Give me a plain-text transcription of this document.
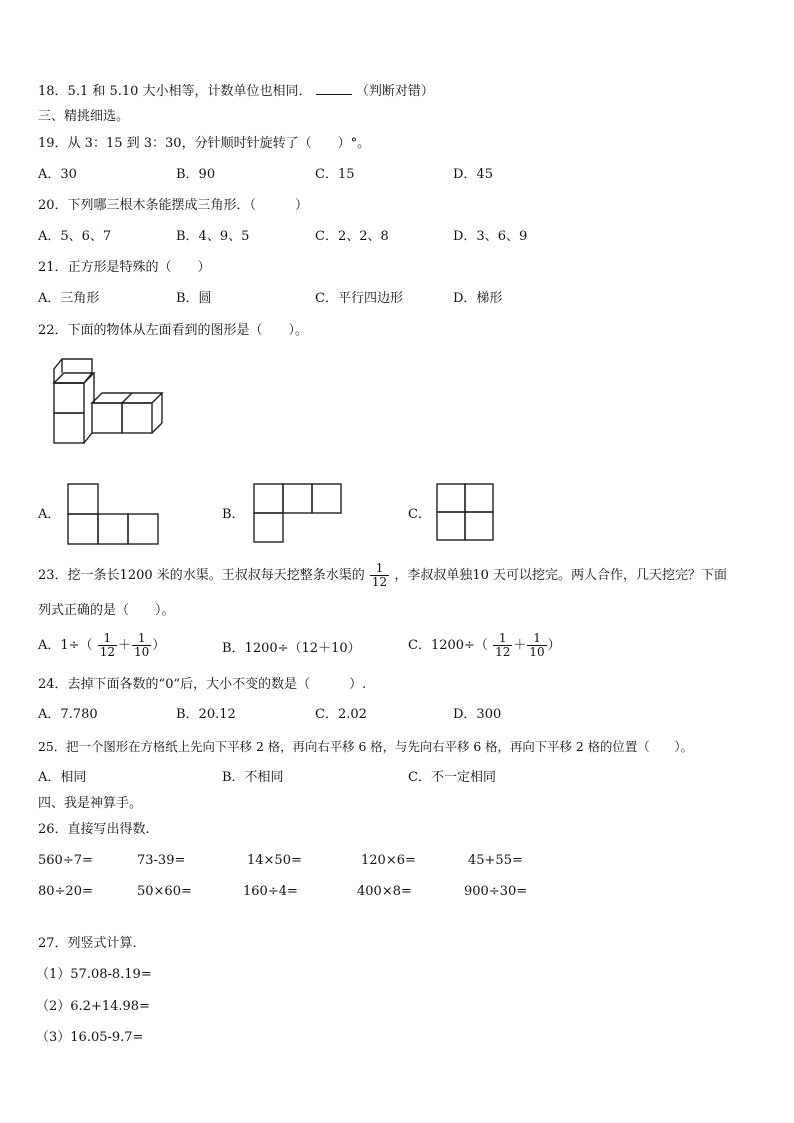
18．5.1 和 5.10 大小相等，计数单位也相同．	（判断对错）
三、精挑细选。
19．从 3：15 到 3：30，分针顺时针旋转了（　　）°。
A．30	B．90	C．15	D．45
20．下列哪三根木条能摆成三角形．（　　　）
A．5、6、7	B．4、9、5	C．2、2、8	D．3、6、9
21．正方形是特殊的（　　）
A．三角形	B．圆	C．平行四边形	D．梯形
22．下面的物体从左面看到的图形是（　　）。
A．	B．	C．
23．挖一条长1200 米的水渠。王叔叔每天挖整条水渠的 $\frac{1}{12}$ ，李叔叔单独10 天可以挖完。两人合作，几天挖完？下面
列式正确的是（　　）。
A．$1\div( \frac{1}{12} + \frac{1}{10}$ ）	B．1200÷（12＋10）	C．$1200\div( \frac{1}{12} + \frac{1}{10}$ ）
24．去掉下面各数的“0”后，大小不变的数是（　　　）.
A．7.780	B．20.12	C．2.02	D．300
25．把一个图形在方格纸上先向下平移 2 格，再向右平移 6 格，与先向右平移 6 格，再向下平移 2 格的位置（　　）。
A．相同	B．不相同	C．不一定相同
四、我是神算手。
26．直接写出得数.
560÷7=	73-39=	14×50=	120×6=	45+55=
80÷20=	50×60=	160÷4=	400×8=	900÷30=
27．列竖式计算.
（1）57.08-8.19=
（2）6.2+14.98=
（3）16.05-9.7=
